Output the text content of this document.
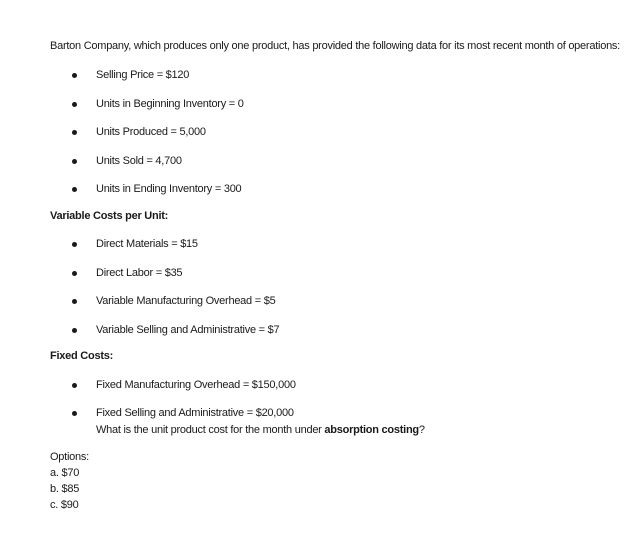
Barton Company, which produces only one product, has provided the following data for its most recent month of operations:
Selling Price = $120
Units in Beginning Inventory = 0
Units Produced = 5,000
Units Sold = 4,700
Units in Ending Inventory = 300
Variable Costs per Unit:
Direct Materials = $15
Direct Labor = $35
Variable Manufacturing Overhead = $5
Variable Selling and Administrative = $7
Fixed Costs:
Fixed Manufacturing Overhead = $150,000
Fixed Selling and Administrative = $20,000
What is the unit product cost for the month under absorption costing?
Options:
a. $70
b. $85
c. $90
